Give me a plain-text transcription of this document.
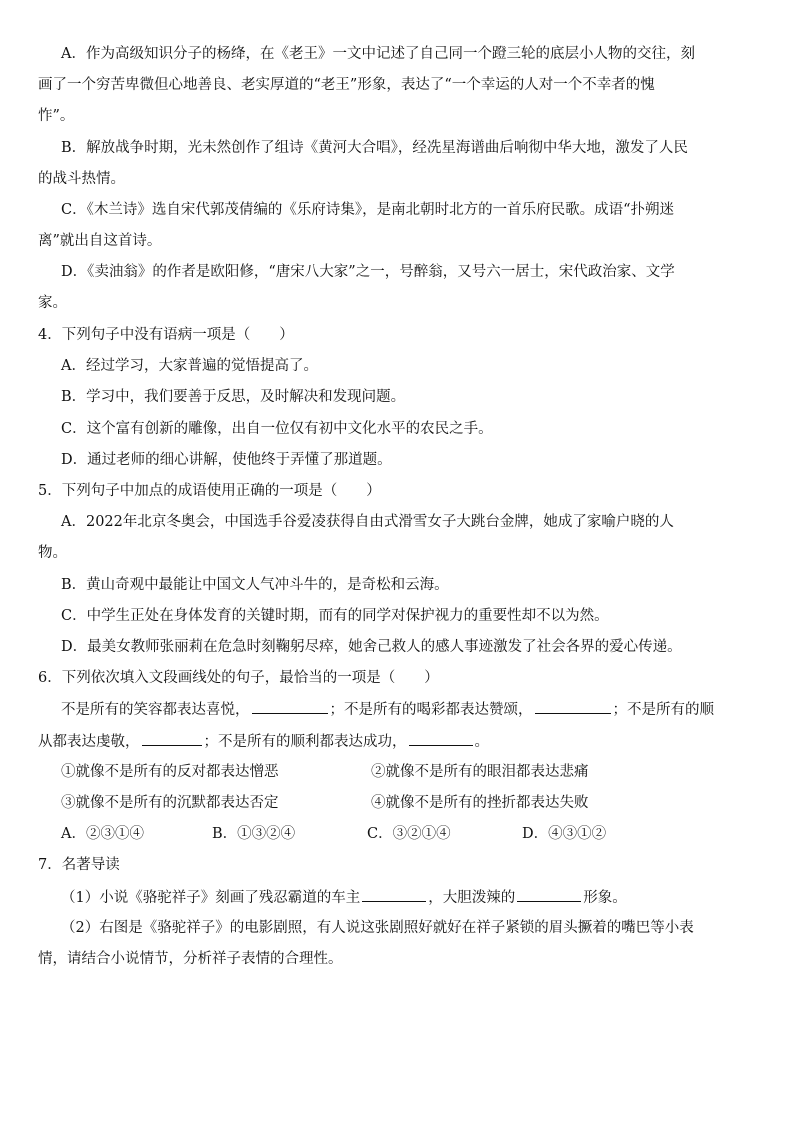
A．作为高级知识分子的杨绛，在《老王》一文中记述了自己同一个蹬三轮的底层小人物的交往，刻
画了一个穷苦卑微但心地善良、老实厚道的“老王”形象，表达了“一个幸运的人对一个不幸者的愧
怍”。
B．解放战争时期，光未然创作了组诗《黄河大合唱》，经冼星海谱曲后响彻中华大地，激发了人民
的战斗热情。
C．《木兰诗》选自宋代郭茂倩编的《乐府诗集》，是南北朝时北方的一首乐府民歌。成语“扑朔迷
离”就出自这首诗。
D．《卖油翁》的作者是欧阳修，“唐宋八大家”之一，号醉翁，又号六一居士，宋代政治家、文学
家。
4．下列句子中没有语病一项是（　　）
A．经过学习，大家普遍的觉悟提高了。
B．学习中，我们要善于反思，及时解决和发现问题。
C．这个富有创新的雕像，出自一位仅有初中文化水平的农民之手。
D．通过老师的细心讲解，使他终于弄懂了那道题。
5．下列句子中加点的成语使用正确的一项是（　　）
A．2022年北京冬奥会，中国选手谷爱凌获得自由式滑雪女子大跳台金牌，她成了家喻户晓的人
物。
B．黄山奇观中最能让中国文人气冲斗牛的，是奇松和云海。
C．中学生正处在身体发育的关键时期，而有的同学对保护视力的重要性却不以为然。
D．最美女教师张丽莉在危急时刻鞠躬尽瘁，她舍己救人的感人事迹激发了社会各界的爱心传递。
6．下列依次填入文段画线处的句子，最恰当的一项是（　　）
不是所有的笑容都表达喜悦，	；不是所有的喝彩都表达赞颂，	；不是所有的顺
从都表达虔敬，	；不是所有的顺利都表达成功，	。
①就像不是所有的反对都表达憎恶	②就像不是所有的眼泪都表达悲痛
③就像不是所有的沉默都表达否定	④就像不是所有的挫折都表达失败
A．②③①④	B．①③②④	C．③②①④	D．④③①②
7．名著导读
（1）小说《骆驼祥子》刻画了残忍霸道的车主	，大胆泼辣的	形象。
（2）右图是《骆驼祥子》的电影剧照，有人说这张剧照好就好在祥子紧锁的眉头撅着的嘴巴等小表
情，请结合小说情节，分析祥子表情的合理性。
